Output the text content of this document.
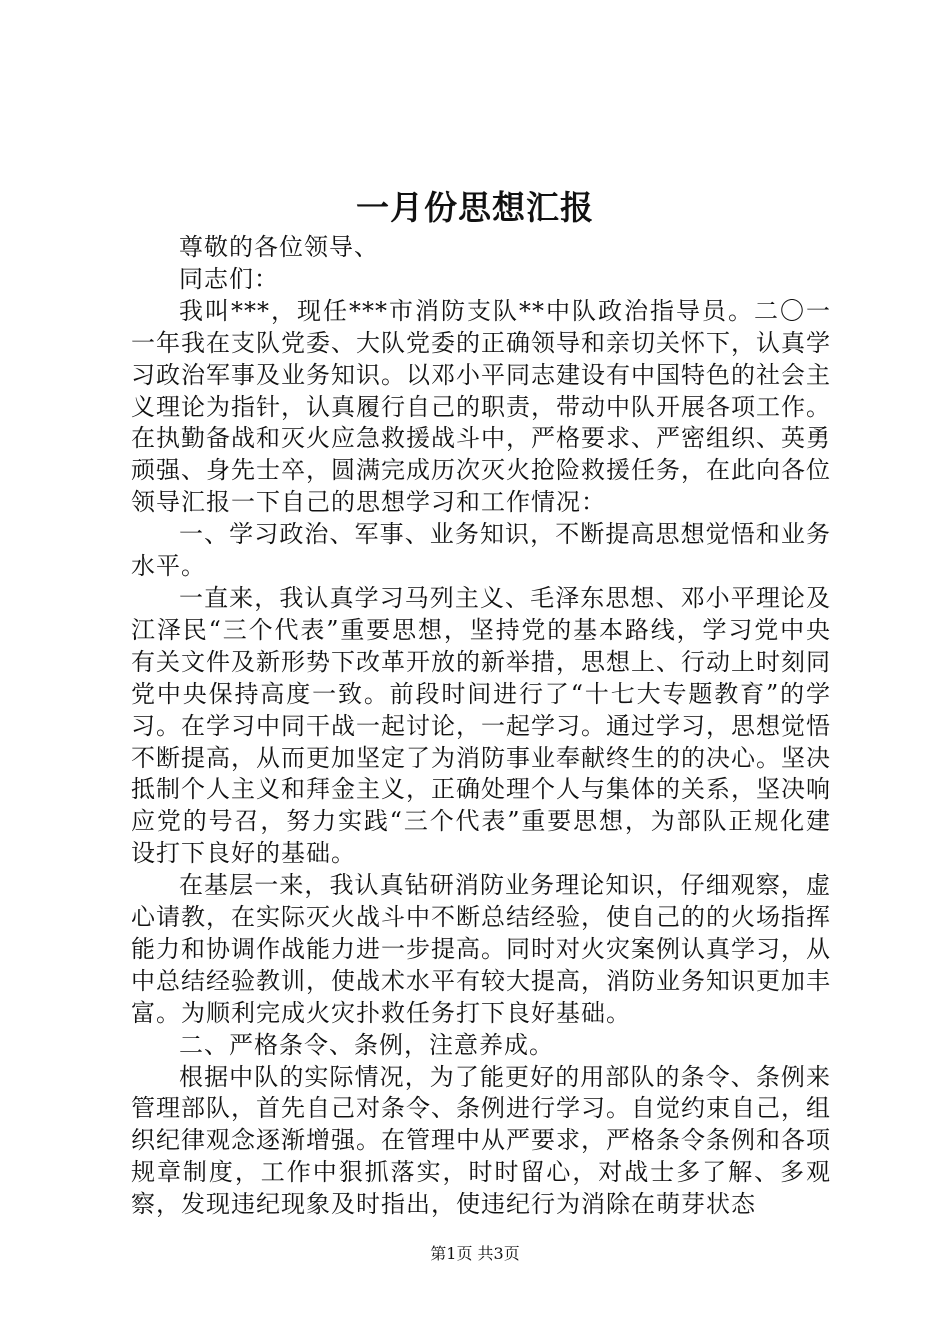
一月份思想汇报

尊敬的各位领导、

同志们：

我叫***，现任***市消防支队**中队政治指导员。二〇一一年我在支队党委、大队党委的正确领导和亲切关怀下，认真学习政治军事及业务知识。以邓小平同志建设有中国特色的社会主义理论为指针，认真履行自己的职责，带动中队开展各项工作。在执勤备战和灭火应急救援战斗中，严格要求、严密组织、英勇顽强、身先士卒，圆满完成历次灭火抢险救援任务，在此向各位领导汇报一下自己的思想学习和工作情况：

一、学习政治、军事、业务知识，不断提高思想觉悟和业务水平。

一直来，我认真学习马列主义、毛泽东思想、邓小平理论及江泽民“三个代表”重要思想，坚持党的基本路线，学习党中央有关文件及新形势下改革开放的新举措，思想上、行动上时刻同党中央保持高度一致。前段时间进行了“十七大专题教育”的学习。在学习中同干战一起讨论，一起学习。通过学习，思想觉悟不断提高，从而更加坚定了为消防事业奉献终生的的决心。坚决抵制个人主义和拜金主义，正确处理个人与集体的关系，坚决响应党的号召，努力实践“三个代表”重要思想，为部队正规化建设打下良好的基础。

在基层一来，我认真钻研消防业务理论知识，仔细观察，虚心请教，在实际灭火战斗中不断总结经验，使自己的的火场指挥能力和协调作战能力进一步提高。同时对火灾案例认真学习，从中总结经验教训，使战术水平有较大提高，消防业务知识更加丰富。为顺利完成火灾扑救任务打下良好基础。

二、严格条令、条例，注意养成。

根据中队的实际情况，为了能更好的用部队的条令、条例来管理部队，首先自己对条令、条例进行学习。自觉约束自己，组织纪律观念逐渐增强。在管理中从严要求，严格条令条例和各项规章制度，工作中狠抓落实，时时留心，对战士多了解、多观察，发现违纪现象及时指出，使违纪行为消除在萌芽状态

第1页 共3页
